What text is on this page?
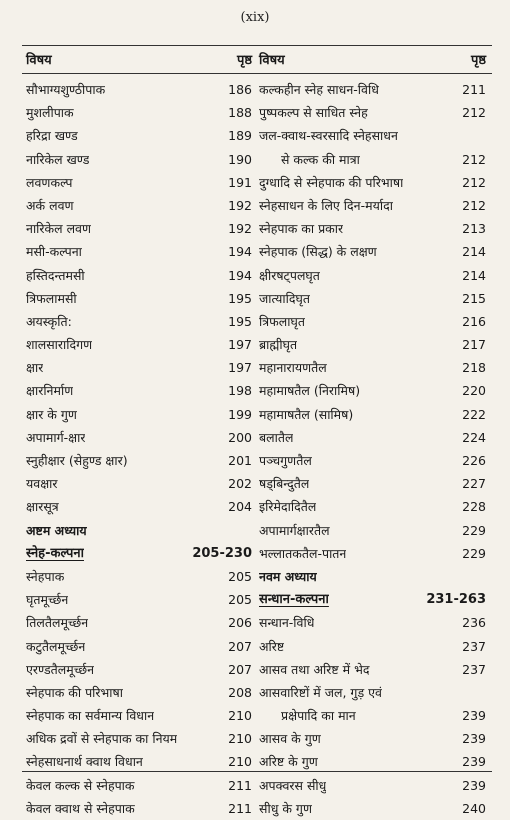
(xix)
विषय	पृष्ठ
सौभाग्यशुण्ठीपाक	186
मुशलीपाक	188
हरिद्रा खण्ड	189
नारिकेल खण्ड	190
लवणकल्प	191
अर्क लवण	192
नारिकेल लवण	192
मसी-कल्पना	194
हस्तिदन्तमसी	194
त्रिफलामसी	195
अयस्कृति:	195
शालसारादिगण	197
क्षार	197
क्षारनिर्माण	198
क्षार के गुण	199
अपामार्ग-क्षार	200
स्नुहीक्षार (सेहुण्ड क्षार)	201
यवक्षार	202
क्षारसूत्र	204
अष्टम अध्याय
स्नेह-कल्पना	205-230
स्नेहपाक	205
घृतमूर्च्छन	205
तिलतैलमूर्च्छन	206
कटुतैलमूर्च्छन	207
एरण्डतैलमूर्च्छन	207
स्नेहपाक की परिभाषा	208
स्नेहपाक का सर्वमान्य विधान	210
अधिक द्रवों से स्नेहपाक का नियम	210
स्नेहसाधनार्थ क्वाथ विधान	210
केवल कल्क से स्नेहपाक	211
केवल क्वाथ से स्नेहपाक	211
विषय	पृष्ठ
कल्कहीन स्नेह साधन-विधि	211
पुष्पकल्प से साधित स्नेह	212
जल-क्वाथ-स्वरसादि स्नेहसाधन
से कल्क की मात्रा	212
दुग्धादि से स्नेहपाक की परिभाषा	212
स्नेहसाधन के लिए दिन-मर्यादा	212
स्नेहपाक का प्रकार	213
स्नेहपाक (सिद्ध) के लक्षण	214
क्षीरषट्पलघृत	214
जात्यादिघृत	215
त्रिफलाघृत	216
ब्राह्मीघृत	217
महानारायणतैल	218
महामाषतैल (निरामिष)	220
महामाषतैल (सामिष)	222
बलातैल	224
पञ्चगुणतैल	226
षड्बिन्दुतैल	227
इरिमेदादितैल	228
अपामार्गक्षारतैल	229
भल्लातकतैल-पातन	229
नवम अध्याय
सन्धान-कल्पना	231-263
सन्धान-विधि	236
अरिष्ट	237
आसव तथा अरिष्ट में भेद	237
आसवारिष्टों में जल, गुड़ एवं
प्रक्षेपादि का मान	239
आसव के गुण	239
अरिष्ट के गुण	239
अपक्वरस सीधु	239
सीधु के गुण	240
